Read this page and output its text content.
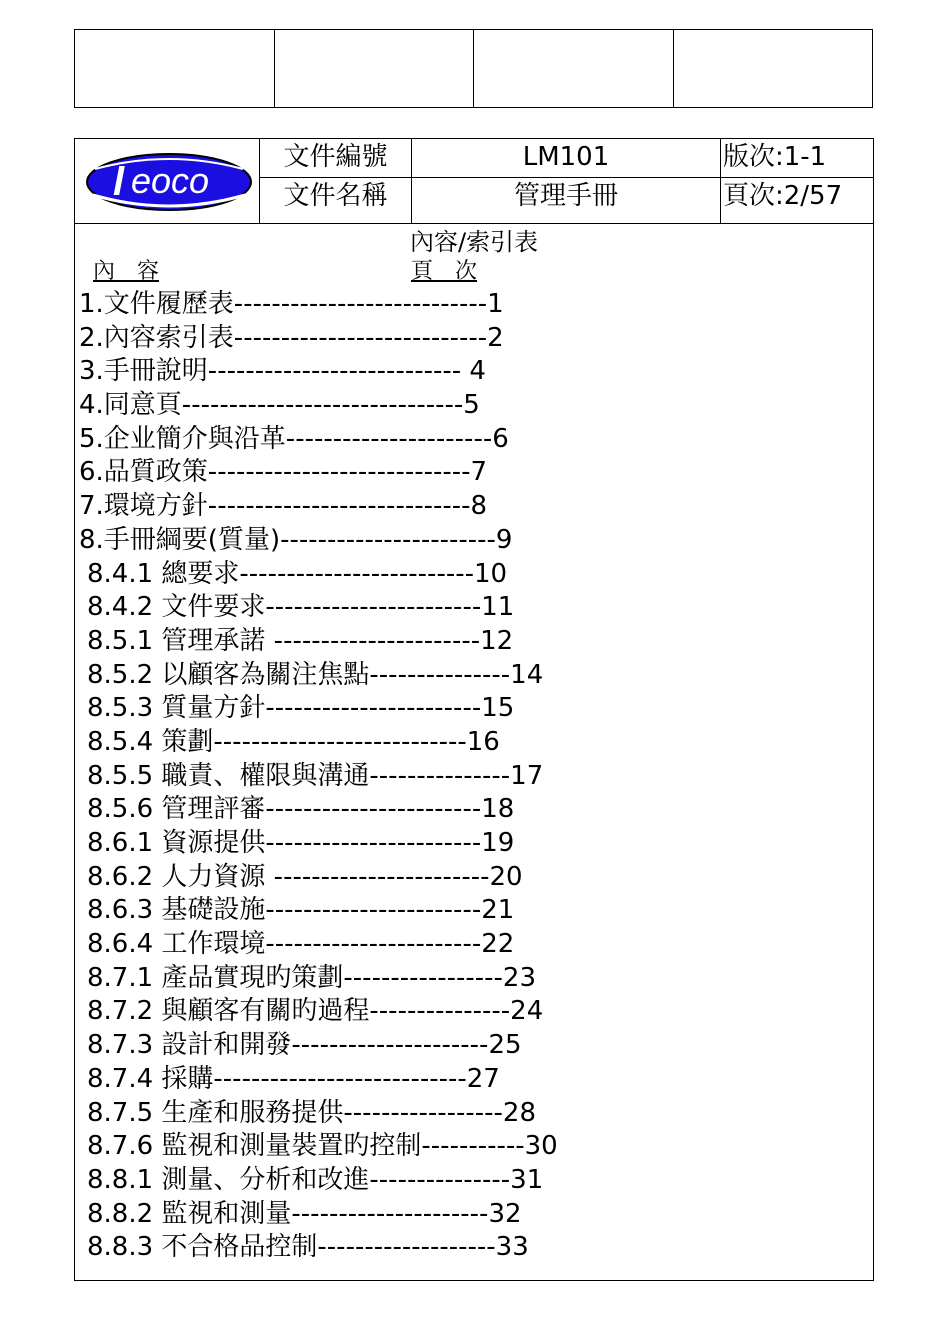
l eoco
文件編號	LM101	版次:1-1
文件名稱	管理手冊	頁次:2/57
內容/索引表
內　容	頁　次
1.文件履歷表---------------------------1
2.內容索引表---------------------------2
3.手冊說明--------------------------- 4
4.同意頁------------------------------5
5.企业簡介與沿革----------------------6
6.品質政策----------------------------7
7.環境方針----------------------------8
8.手冊綱要(質量)-----------------------9
8.4.1 總要求-------------------------10
8.4.2 文件要求-----------------------11
8.5.1 管理承諾 ----------------------12
8.5.2 以顧客為關注焦點---------------14
8.5.3 質量方針-----------------------15
8.5.4 策劃---------------------------16
8.5.5 職責、權限與溝通---------------17
8.5.6 管理評審-----------------------18
8.6.1 資源提供-----------------------19
8.6.2 人力資源 -----------------------20
8.6.3 基礎設施-----------------------21
8.6.4 工作環境-----------------------22
8.7.1 產品實現旳策劃-----------------23
8.7.2 與顧客有關旳過程---------------24
8.7.3 設計和開發---------------------25
8.7.4 採購---------------------------27
8.7.5 生產和服務提供-----------------28
8.7.6 監視和測量裝置旳控制-----------30
8.8.1 測量、分析和改進---------------31
8.8.2 監視和測量---------------------32
8.8.3 不合格品控制-------------------33
